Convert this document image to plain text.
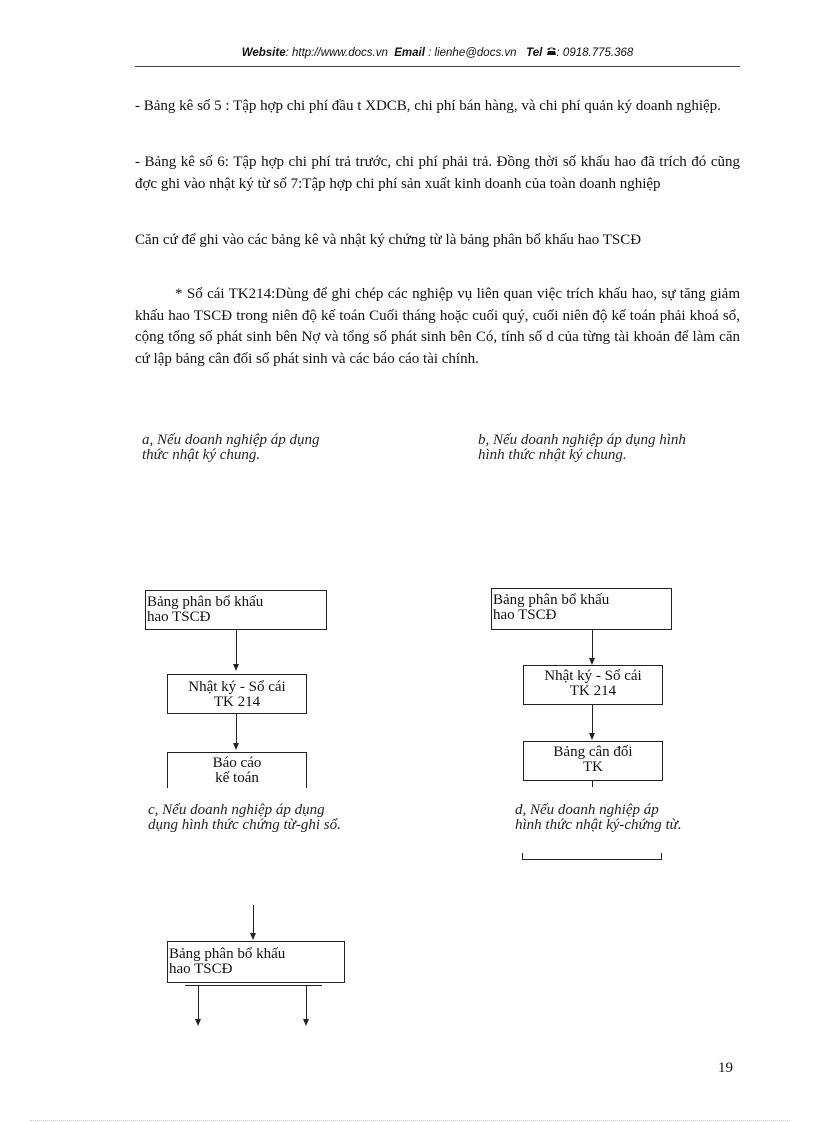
Website: http://www.docs.vn Email : lienhe@docs.vn Tel : 0918.775.368

- Bảng kê số 5 : Tập hợp chi phí đầu t XDCB, chi phí bán hàng, và chi phí quản ký doanh nghiệp.

- Bảng kê số 6: Tập hợp chi phí trả trước, chi phí phải trả. Đồng thời số khấu hao đã trích đó cũng đợc ghi vào nhật ký từ số 7:Tập hợp chi phí sản xuất kinh doanh của toàn doanh nghiệp

Căn cứ để ghi vào các bảng kê và nhật ký chứng từ là bảng phân bổ khấu hao TSCĐ

* Sổ cái TK214:Dùng để ghi chép các nghiệp vụ liên quan việc trích khấu hao, sự tăng giảm khấu hao TSCĐ trong niên độ kế toán Cuối tháng hoặc cuối quý, cuối niên độ kế toán phải khoá sổ, cộng tổng số phát sinh bên Nợ và tổng số phát sinh bên Có, tính số d của từng tài khoản để làm căn cứ lập bảng cân đối số phát sinh và các báo cáo tài chính.

a, Nếu doanh nghiệp áp dụng
thức nhật ký chung.

b, Nếu doanh nghiệp áp dụng hình
hình thức nhật ký chung.

Bảng phân bổ khấu
hao TSCĐ
Nhật ký - Sổ cái
TK 214
Báo cáo
kế toán
Bảng phân bổ khấu
hao TSCĐ
Nhật ký - Sổ cái
TK 214
Bảng cân đối
TK

c, Nếu doanh nghiệp áp dụng
dụng hình thức chứng từ-ghi sổ.

d, Nếu doanh nghiệp áp
hình thức nhật ký-chứng từ.

Bảng phân bổ khấu
hao TSCĐ
19
